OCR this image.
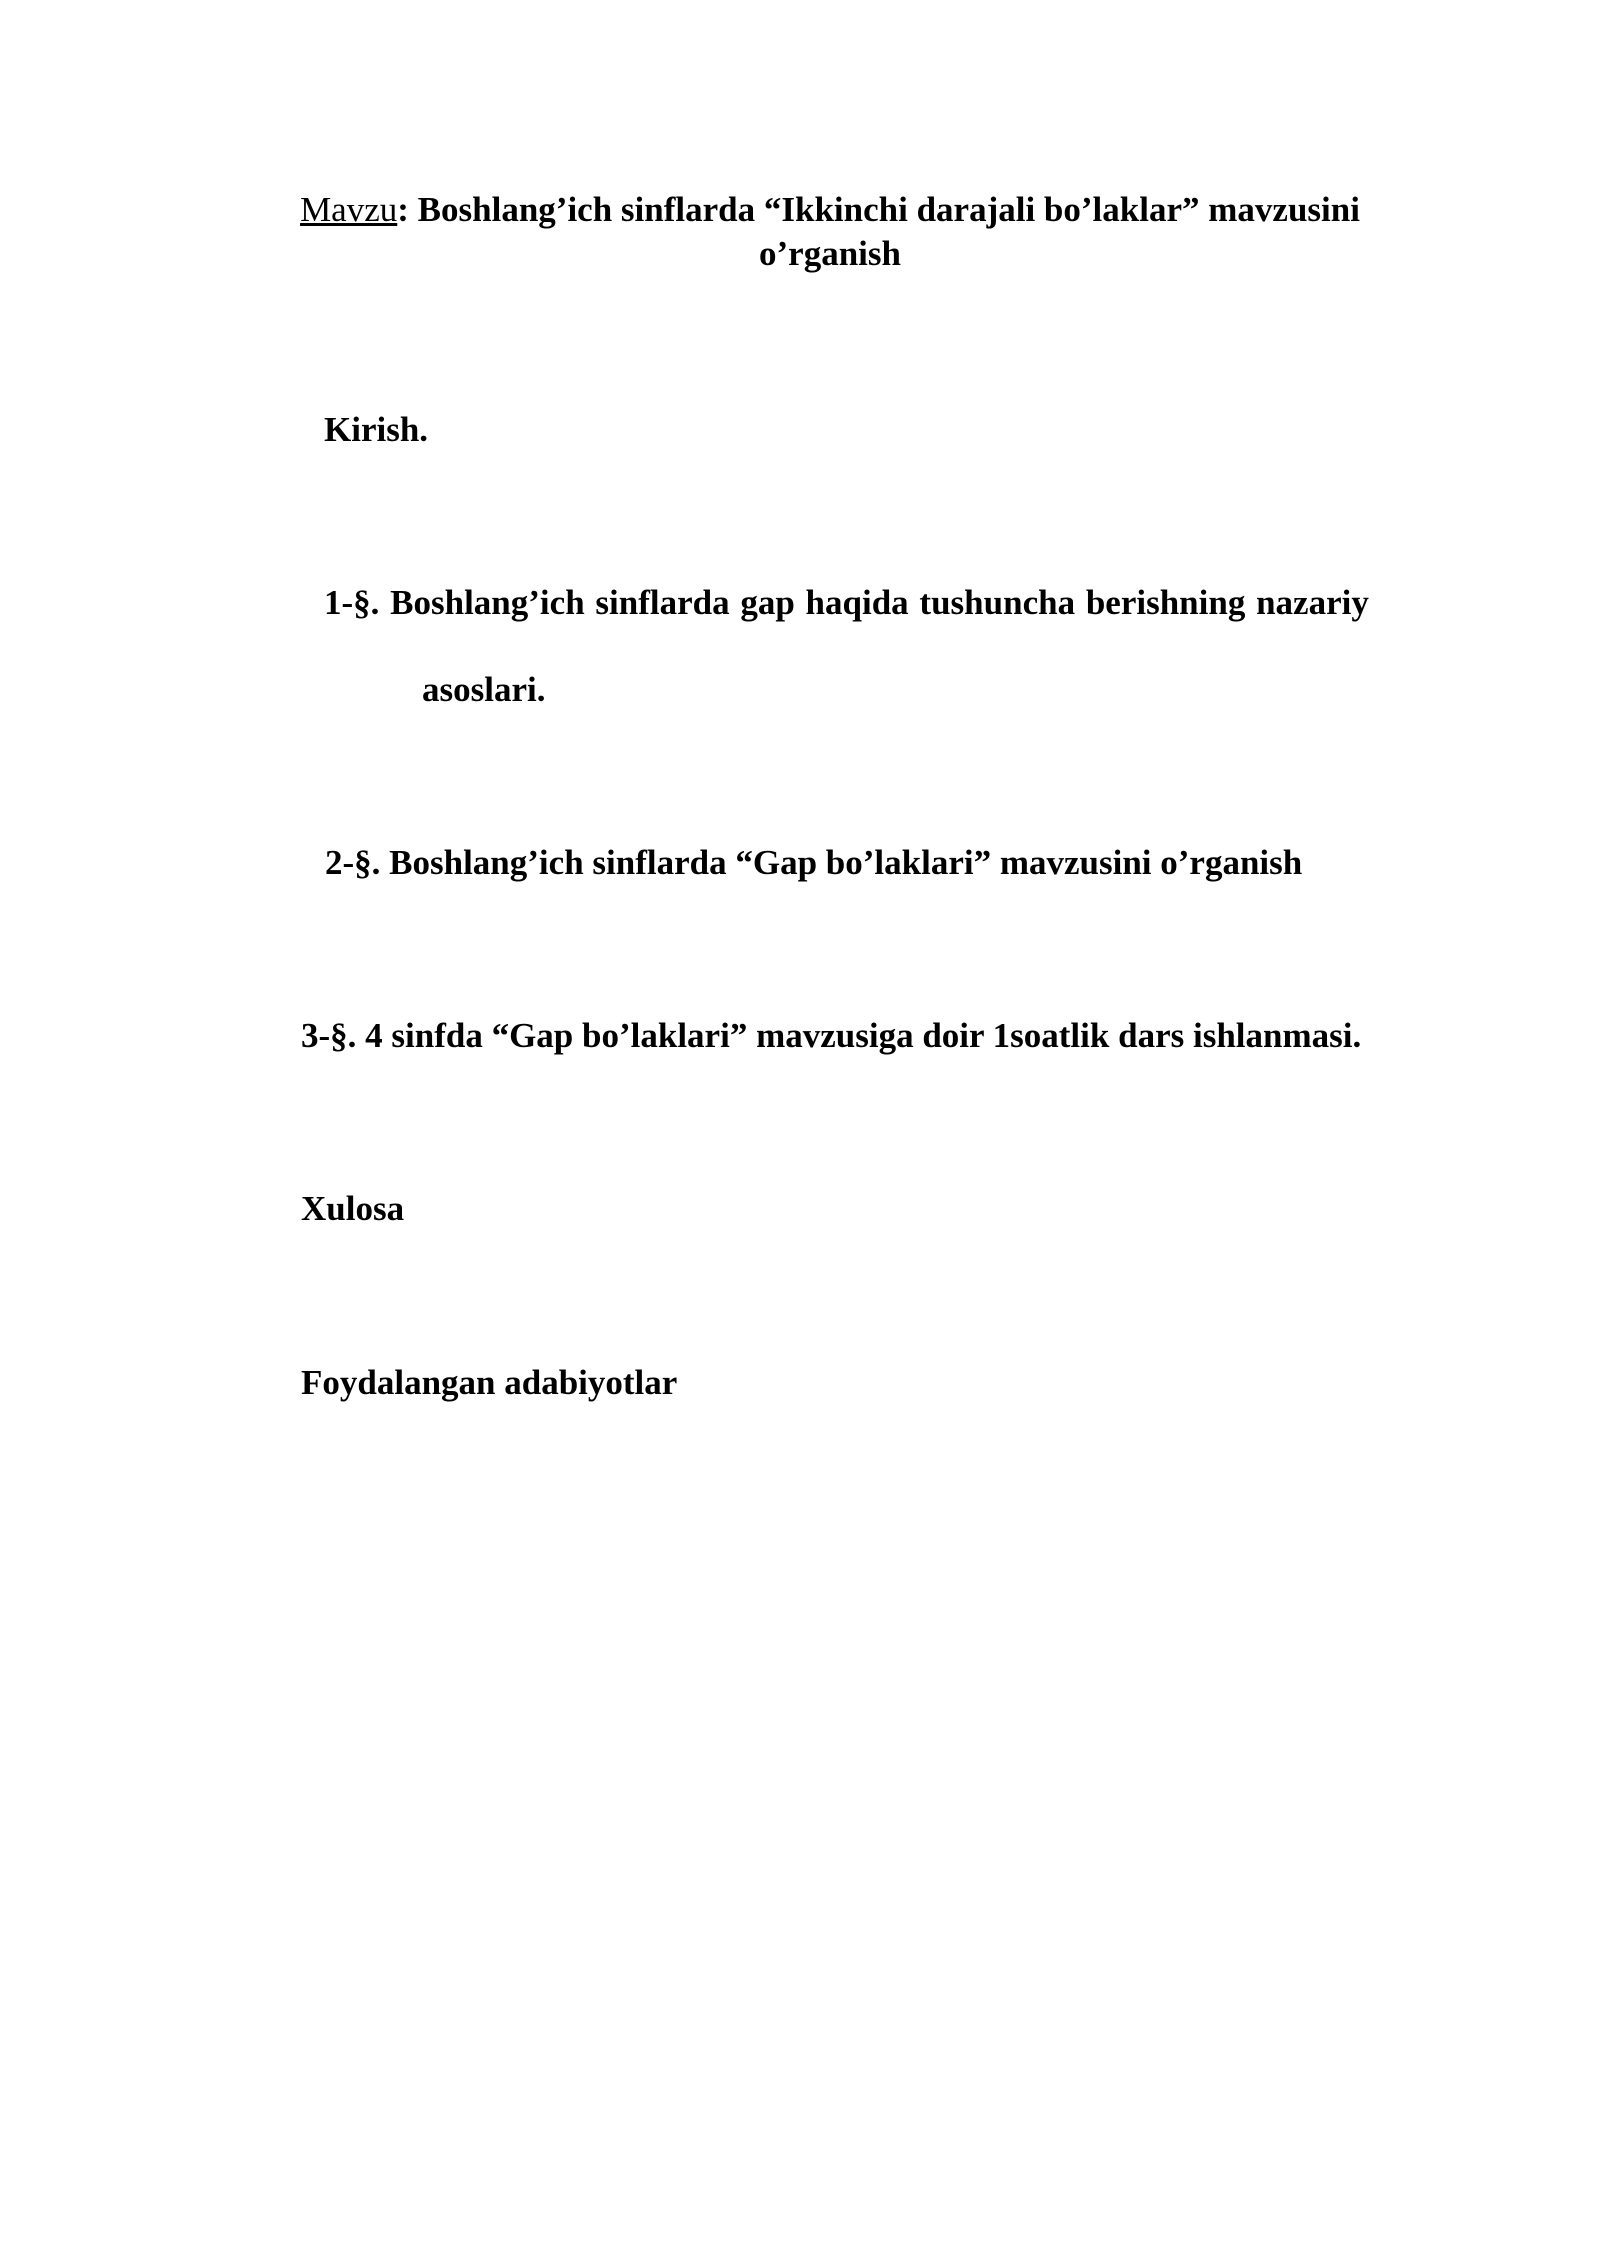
Mavzu: Boshlang’ich sinflarda “Ikkinchi darajali bo’laklar” mavzusini
o’rganish
Kirish.
1-§. Boshlang’ich sinflarda gap haqida tushuncha berishning nazariy
asoslari.
2-§. Boshlang’ich sinflarda “Gap bo’laklari” mavzusini o’rganish
3-§. 4 sinfda “Gap bo’laklari” mavzusiga doir 1soatlik dars ishlanmasi.
Xulosa
Foydalangan adabiyotlar
